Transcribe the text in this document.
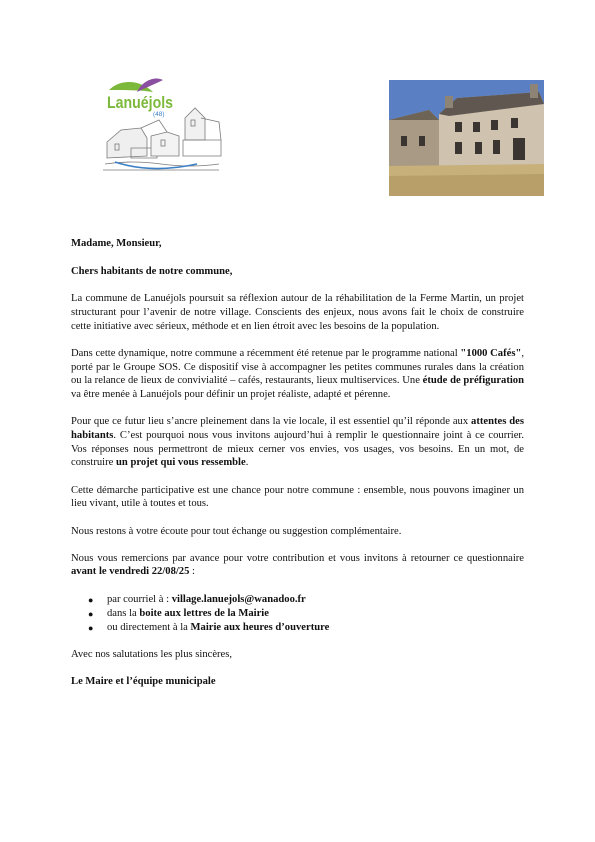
Lanuéjols
(48)

Madame, Monsieur,

Chers habitants de notre commune,

La commune de Lanuéjols poursuit sa réflexion autour de la réhabilitation de la Ferme Martin, un projet structurant pour l’avenir de notre village. Conscients des enjeux, nous avons fait le choix de construire cette initiative avec sérieux, méthode et en lien étroit avec les besoins de la population.

Dans cette dynamique, notre commune a récemment été retenue par le programme national "1000 Cafés", porté par le Groupe SOS. Ce dispositif vise à accompagner les petites communes rurales dans la création ou la relance de lieux de convivialité – cafés, restaurants, lieux multiservices. Une étude de préfiguration va être menée à Lanuéjols pour définir un projet réaliste, adapté et pérenne.

Pour que ce futur lieu s’ancre pleinement dans la vie locale, il est essentiel qu’il réponde aux attentes des habitants. C’est pourquoi nous vous invitons aujourd’hui à remplir le questionnaire joint à ce courrier. Vos réponses nous permettront de mieux cerner vos envies, vos usages, vos besoins. En un mot, de construire un projet qui vous ressemble.

Cette démarche participative est une chance pour notre commune : ensemble, nous pouvons imaginer un lieu vivant, utile à toutes et tous.

Nous restons à votre écoute pour tout échange ou suggestion complémentaire.

Nous vous remercions par avance pour votre contribution et vous invitons à retourner ce questionnaire avant le vendredi 22/08/25 :

● par courriel à : village.lanuejols@wanadoo.fr
● dans la boite aux lettres de la Mairie
● ou directement à la Mairie aux heures d’ouverture

Avec nos salutations les plus sincères,

Le Maire et l’équipe municipale
